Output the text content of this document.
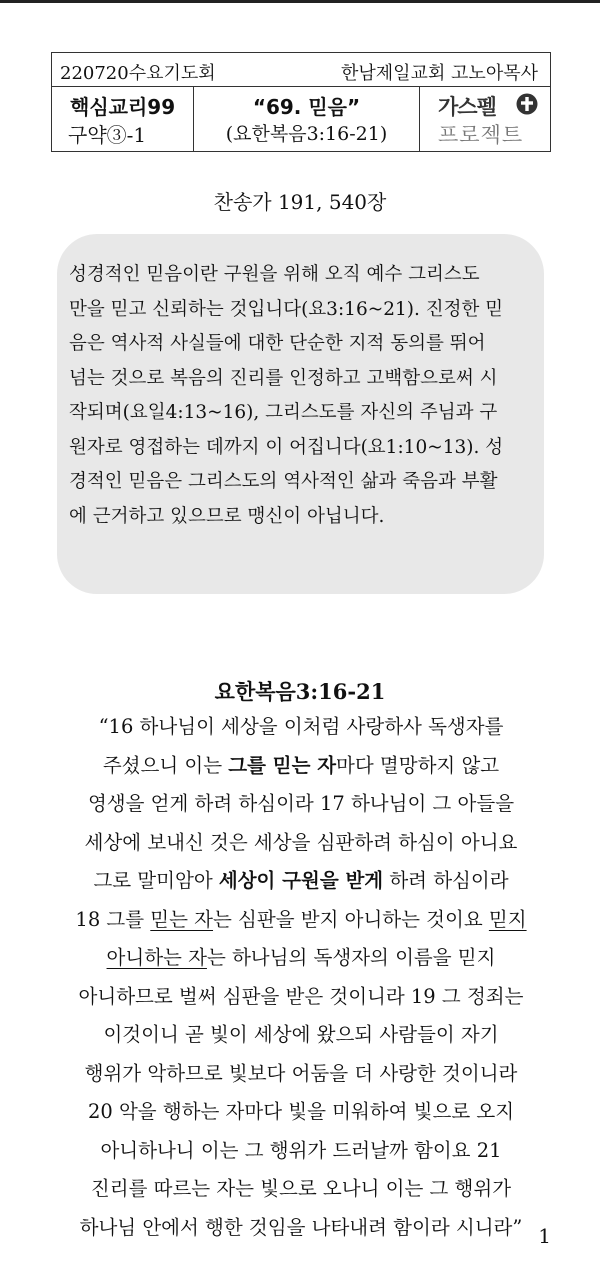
220720수요기도회	한남제일교회 고노아목사
핵심교리99
구약③-1
“69. 믿음”
(요한복음3:16-21)
가스펠
프로젝트
찬송가 191, 540장
성경적인 믿음이란 구원을 위해 오직 예수 그리스도
만을 믿고 신뢰하는 것입니다(요3:16~21). 진정한 믿
음은 역사적 사실들에 대한 단순한 지적 동의를 뛰어
넘는 것으로 복음의 진리를 인정하고 고백함으로써 시
작되며(요일4:13~16), 그리스도를 자신의 주님과 구
원자로 영접하는 데까지 이 어집니다(요1:10~13). 성
경적인 믿음은 그리스도의 역사적인 삶과 죽음과 부활
에 근거하고 있으므로 맹신이 아닙니다.
요한복음3:16-21
“16 하나님이 세상을 이처럼 사랑하사 독생자를
주셨으니 이는 그를 믿는 자마다 멸망하지 않고
영생을 얻게 하려 하심이라 17 하나님이 그 아들을
세상에 보내신 것은 세상을 심판하려 하심이 아니요
그로 말미암아 세상이 구원을 받게 하려 하심이라
18 그를 믿는 자는 심판을 받지 아니하는 것이요 믿지
아니하는 자는 하나님의 독생자의 이름을 믿지
아니하므로 벌써 심판을 받은 것이니라 19 그 정죄는
이것이니 곧 빛이 세상에 왔으되 사람들이 자기
행위가 악하므로 빛보다 어둠을 더 사랑한 것이니라
20 악을 행하는 자마다 빛을 미워하여 빛으로 오지
아니하나니 이는 그 행위가 드러날까 함이요 21
진리를 따르는 자는 빛으로 오나니 이는 그 행위가
하나님 안에서 행한 것임을 나타내려 함이라 시니라” 1
